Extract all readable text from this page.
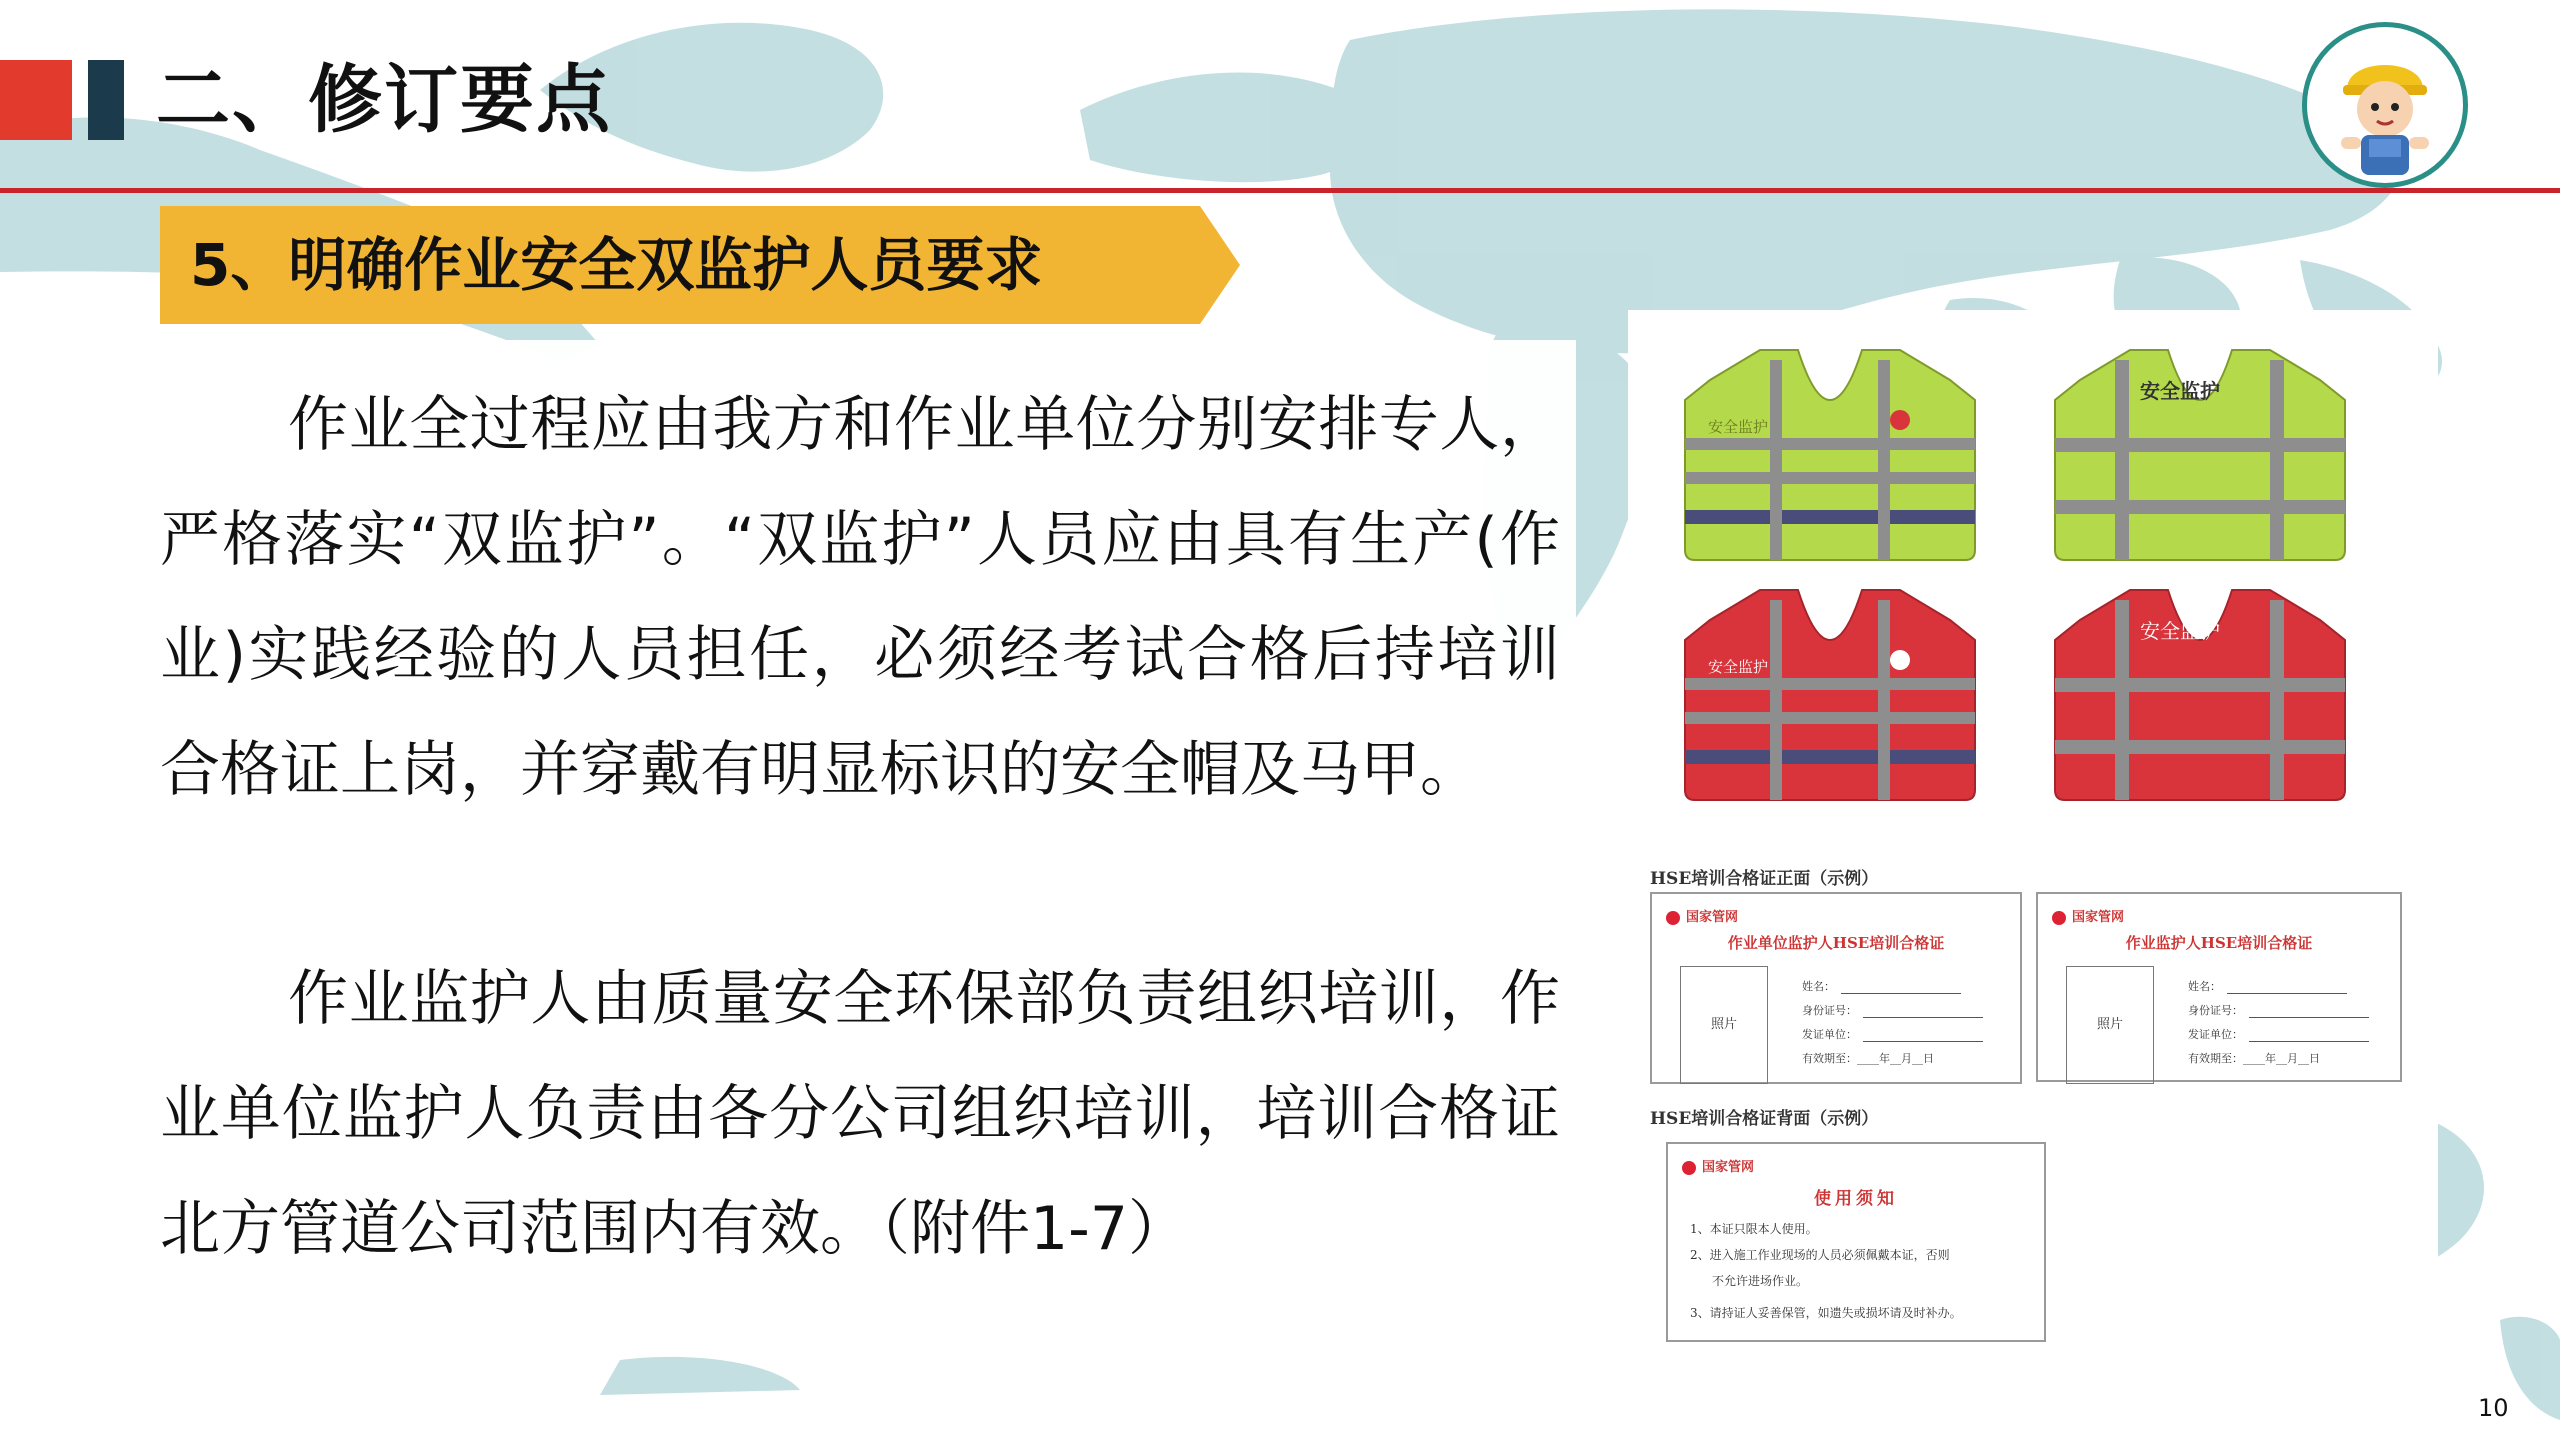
二、修订要点
5、明确作业安全双监护人员要求

作业全过程应由我方和作业单位分别安排专人，严格落实“双监护”。“双监护”人员应由具有生产(作业)实践经验的人员担任，必须经考试合格后持培训合格证上岗，并穿戴有明显标识的安全帽及马甲。

作业监护人由质量安全环保部负责组织培训，作业单位监护人负责由各分公司组织培训，培训合格证北方管道公司范围内有效。（附件1-7）

安全监护
安全监护
安全监护
安全监护

HSE培训合格证正面（示例）

国家管网
作业单位监护人HSE培训合格证
照片
姓名：
身份证号：
发证单位：
有效期至：____年__月__日
国家管网
作业监护人HSE培训合格证
照片
姓名：
身份证号：
发证单位：
有效期至：____年__月__日

HSE培训合格证背面（示例）

国家管网
使用须知
1、本证只限本人使用。
2、进入施工作业现场的人员必须佩戴本证，否则
不允许进场作业。
3、请持证人妥善保管，如遗失或损坏请及时补办。

10
